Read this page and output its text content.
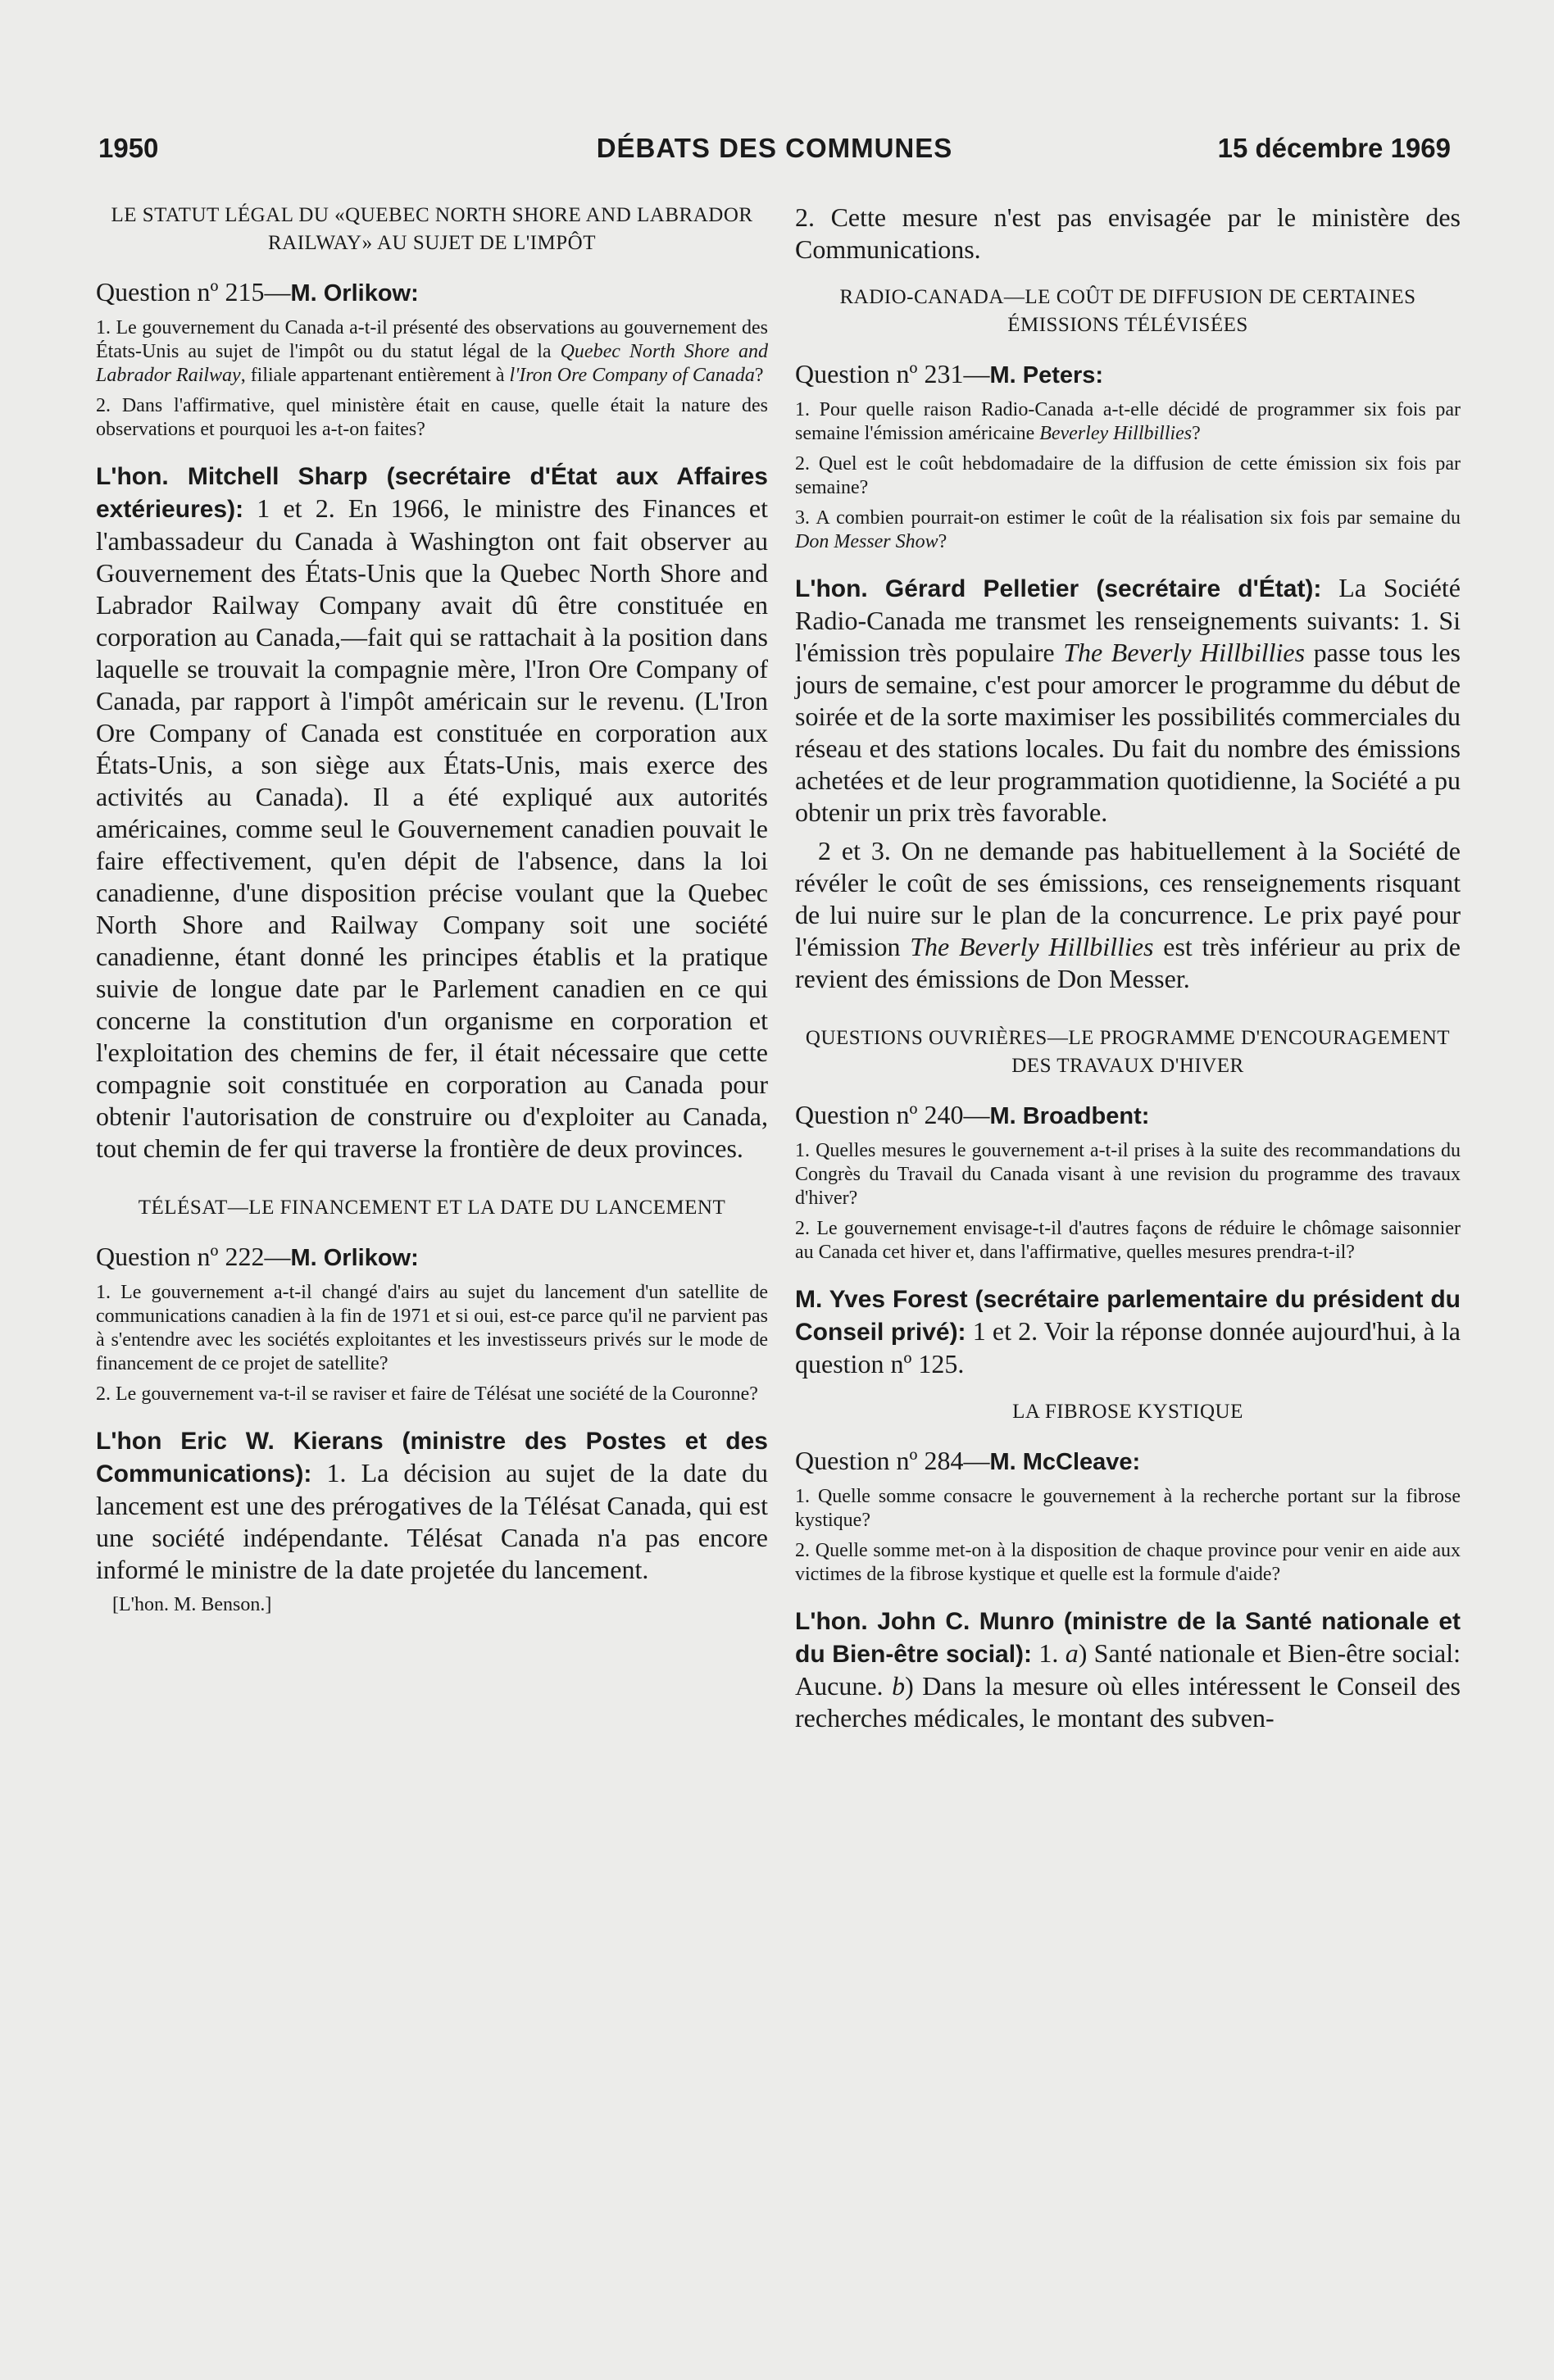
DÉBATS DES COMMUNES
1950	15 décembre 1969
LE STATUT LÉGAL DU «QUEBEC NORTH SHORE AND LABRADOR RAILWAY» AU SUJET DE L'IMPÔT
Question nº 215—M. Orlikow:

1. Le gouvernement du Canada a-t-il présenté des observations au gouvernement des États-Unis au sujet de l'impôt ou du statut légal de la Quebec North Shore and Labrador Railway, filiale appartenant entièrement à l'Iron Ore Company of Canada?

2. Dans l'affirmative, quel ministère était en cause, quelle était la nature des observations et pourquoi les a-t-on faites?

L'hon. Mitchell Sharp (secrétaire d'État aux Affaires extérieures): 1 et 2. En 1966, le ministre des Finances et l'ambassadeur du Canada à Washington ont fait observer au Gouvernement des États-Unis que la Quebec North Shore and Labrador Railway Company avait dû être constituée en corporation au Canada,—fait qui se rattachait à la position dans laquelle se trouvait la compagnie mère, l'Iron Ore Company of Canada, par rapport à l'impôt américain sur le revenu. (L'Iron Ore Company of Canada est constituée en corporation aux États-Unis, a son siège aux États-Unis, mais exerce des activités au Canada). Il a été expliqué aux autorités américaines, comme seul le Gouvernement canadien pouvait le faire effectivement, qu'en dépit de l'absence, dans la loi canadienne, d'une disposition précise voulant que la Quebec North Shore and Railway Company soit une société canadienne, étant donné les principes établis et la pratique suivie de longue date par le Parlement canadien en ce qui concerne la constitution d'un organisme en corporation et l'exploitation des chemins de fer, il était nécessaire que cette compagnie soit constituée en corporation au Canada pour obtenir l'autorisation de construire ou d'exploiter au Canada, tout chemin de fer qui traverse la frontière de deux provinces.

TÉLÉSAT—LE FINANCEMENT ET LA DATE DU LANCEMENT
Question nº 222—M. Orlikow:

1. Le gouvernement a-t-il changé d'airs au sujet du lancement d'un satellite de communications canadien à la fin de 1971 et si oui, est-ce parce qu'il ne parvient pas à s'entendre avec les sociétés exploitantes et les investisseurs privés sur le mode de financement de ce projet de satellite?

2. Le gouvernement va-t-il se raviser et faire de Télésat une société de la Couronne?

L'hon Eric W. Kierans (ministre des Postes et des Communications): 1. La décision au sujet de la date du lancement est une des prérogatives de la Télésat Canada, qui est une société indépendante. Télésat Canada n'a pas encore informé le ministre de la date projetée du lancement.

[L'hon. M. Benson.]

2. Cette mesure n'est pas envisagée par le ministère des Communications.

RADIO-CANADA—LE COÛT DE DIFFUSION DE CERTAINES ÉMISSIONS TÉLÉVISÉES
Question nº 231—M. Peters:

1. Pour quelle raison Radio-Canada a-t-elle décidé de programmer six fois par semaine l'émission américaine Beverley Hillbillies?

2. Quel est le coût hebdomadaire de la diffusion de cette émission six fois par semaine?

3. A combien pourrait-on estimer le coût de la réalisation six fois par semaine du Don Messer Show?

L'hon. Gérard Pelletier (secrétaire d'État): La Société Radio-Canada me transmet les renseignements suivants: 1. Si l'émission très populaire The Beverly Hillbillies passe tous les jours de semaine, c'est pour amorcer le programme du début de soirée et de la sorte maximiser les possibilités commerciales du réseau et des stations locales. Du fait du nombre des émissions achetées et de leur programmation quotidienne, la Société a pu obtenir un prix très favorable.

2 et 3. On ne demande pas habituellement à la Société de révéler le coût de ses émissions, ces renseignements risquant de lui nuire sur le plan de la concurrence. Le prix payé pour l'émission The Beverly Hillbillies est très inférieur au prix de revient des émissions de Don Messer.

QUESTIONS OUVRIÈRES—LE PROGRAMME D'ENCOURAGEMENT DES TRAVAUX D'HIVER
Question nº 240—M. Broadbent:

1. Quelles mesures le gouvernement a-t-il prises à la suite des recommandations du Congrès du Travail du Canada visant à une revision du programme des travaux d'hiver?

2. Le gouvernement envisage-t-il d'autres façons de réduire le chômage saisonnier au Canada cet hiver et, dans l'affirmative, quelles mesures prendra-t-il?

M. Yves Forest (secrétaire parlementaire du président du Conseil privé): 1 et 2. Voir la réponse donnée aujourd'hui, à la question nº 125.

LA FIBROSE KYSTIQUE
Question nº 284—M. McCleave:

1. Quelle somme consacre le gouvernement à la recherche portant sur la fibrose kystique?

2. Quelle somme met-on à la disposition de chaque province pour venir en aide aux victimes de la fibrose kystique et quelle est la formule d'aide?

L'hon. John C. Munro (ministre de la Santé nationale et du Bien-être social): 1. a) Santé nationale et Bien-être social: Aucune. b) Dans la mesure où elles intéressent le Conseil des recherches médicales, le montant des subven-
